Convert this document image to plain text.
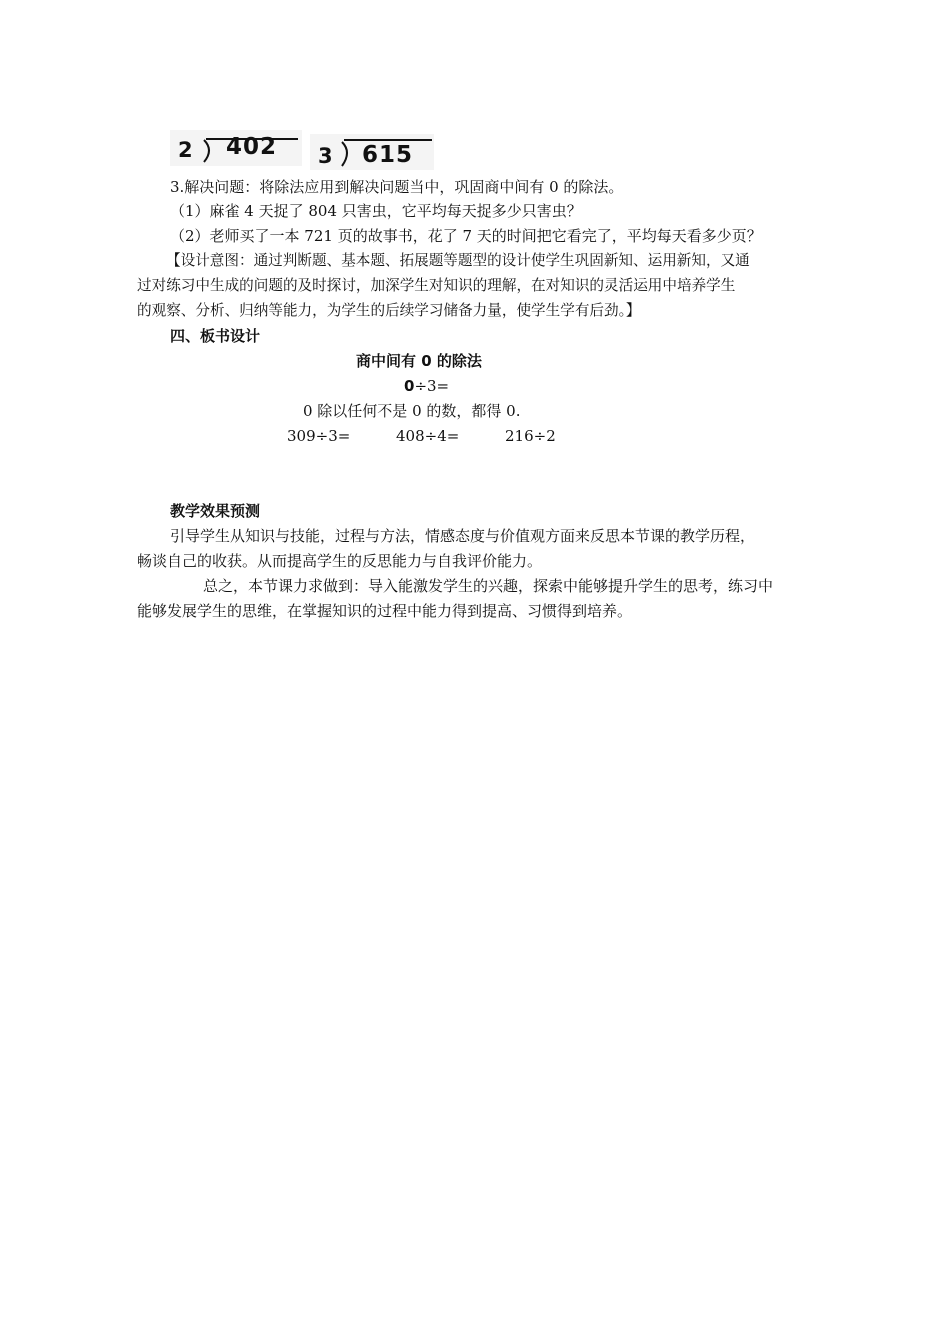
2 402 3 615
3.解决问题：将除法应用到解决问题当中，巩固商中间有 0 的除法。
（1）麻雀 4 天捉了 804 只害虫，它平均每天捉多少只害虫？
（2）老师买了一本 721 页的故事书，花了 7 天的时间把它看完了，平均每天看多少页？
【设计意图：通过判断题、基本题、拓展题等题型的设计使学生巩固新知、运用新知，又通
过对练习中生成的问题的及时探讨，加深学生对知识的理解，在对知识的灵活运用中培养学生
的观察、分析、归纳等能力，为学生的后续学习储备力量，使学生学有后劲。】
四、板书设计
商中间有 0 的除法
0÷3=
0 除以任何不是 0 的数，都得 0.
309÷3=	408÷4=	216÷2
教学效果预测
引导学生从知识与技能，过程与方法，情感态度与价值观方面来反思本节课的教学历程，
畅谈自己的收获。从而提高学生的反思能力与自我评价能力。
总之，本节课力求做到：导入能激发学生的兴趣，探索中能够提升学生的思考，练习中
能够发展学生的思维，在掌握知识的过程中能力得到提高、习惯得到培养。
